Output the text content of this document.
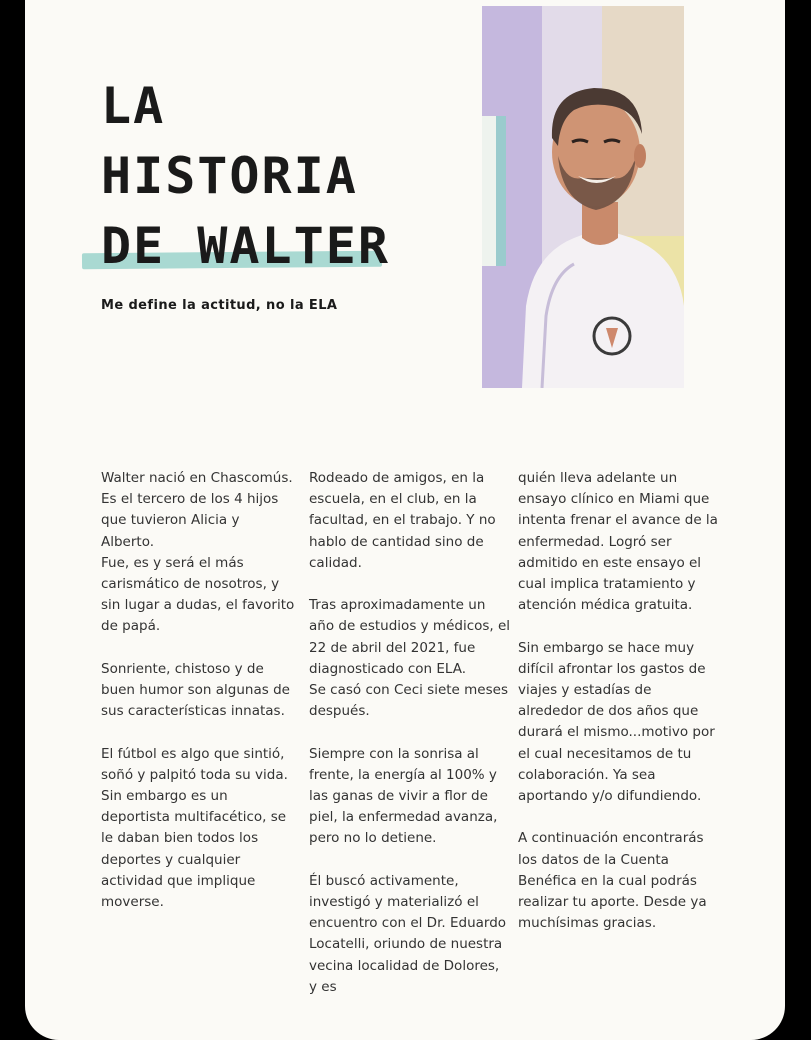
LA
HISTORIA
DE WALTER

Me define la actitud, no la ELA

Walter nació en Chascomús.
Es el tercero de los 4 hijos que tuvieron Alicia y Alberto.
Fue, es y será el más carismático de nosotros, y sin lugar a dudas, el favorito de papá.

Sonriente, chistoso y de buen humor son algunas de sus características innatas.

El fútbol es algo que sintió, soñó y palpitó toda su vida. Sin embargo es un deportista multifacético, se le daban bien todos los deportes y cualquier actividad que implique moverse.

Rodeado de amigos, en la escuela, en el club, en la facultad, en el trabajo. Y no hablo de cantidad sino de calidad.

Tras aproximadamente un año de estudios y médicos, el 22 de abril del 2021, fue diagnosticado con ELA.
Se casó con Ceci siete meses después.

Siempre con la sonrisa al frente, la energía al 100% y las ganas de vivir a flor de piel, la enfermedad avanza, pero no lo detiene.

Él buscó activamente, investigó y materializó el encuentro con el Dr. Eduardo Locatelli, oriundo de nuestra vecina localidad de Dolores, y es

quién lleva adelante un ensayo clínico en Miami que intenta frenar el avance de la enfermedad. Logró ser admitido en este ensayo el cual implica tratamiento y atención médica gratuita.

Sin embargo se hace muy difícil afrontar los gastos de viajes y estadías de alrededor de dos años que durará el mismo...motivo por el cual necesitamos de tu colaboración. Ya sea aportando y/o difundiendo.

A continuación encontrarás los datos de la Cuenta Benéfica en la cual podrás realizar tu aporte. Desde ya muchísimas gracias.
